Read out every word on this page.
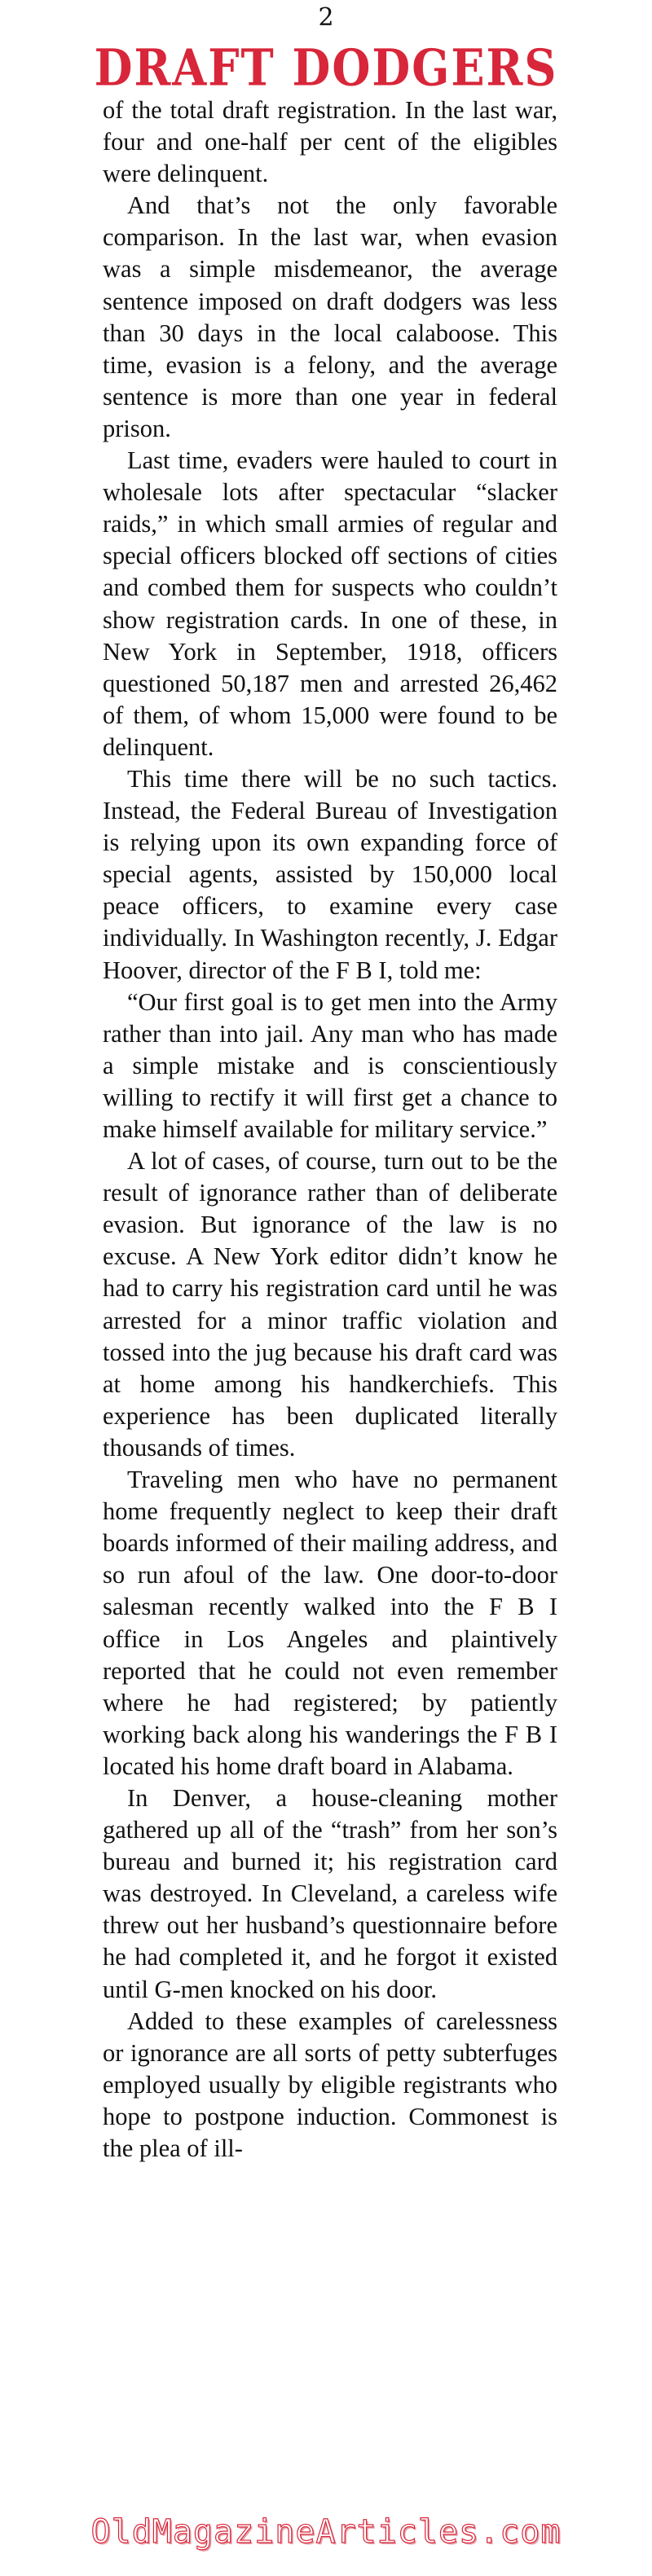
2
DRAFT DODGERS

of the total draft registration. In the last war, four and one-half per cent of the eligibles were delinquent.

And that’s not the only favorable comparison. In the last war, when evasion was a simple misdemeanor, the average sentence imposed on draft dodgers was less than 30 days in the local calaboose. This time, evasion is a felony, and the average sentence is more than one year in federal prison.

Last time, evaders were hauled to court in wholesale lots after spectacular “slacker raids,” in which small armies of regular and special officers blocked off sections of cities and combed them for suspects who couldn’t show registration cards. In one of these, in New York in September, 1918, officers questioned 50,187 men and arrested 26,462 of them, of whom 15,000 were found to be delinquent.

This time there will be no such tactics. Instead, the Federal Bureau of Investigation is relying upon its own expanding force of special agents, assisted by 150,000 local peace officers, to examine every case individually. In Washington recently, J. Edgar Hoover, director of the F B I, told me:

“Our first goal is to get men into the Army rather than into jail. Any man who has made a simple mistake and is conscientiously willing to rectify it will first get a chance to make himself available for military service.”

A lot of cases, of course, turn out to be the result of ignorance rather than of deliberate evasion. But ignorance of the law is no excuse. A New York editor didn’t know he had to carry his registration card until he was arrested for a minor traffic violation and tossed into the jug because his draft card was at home among his handkerchiefs. This experience has been duplicated literally thousands of times.

Traveling men who have no permanent home frequently neglect to keep their draft boards informed of their mailing address, and so run afoul of the law. One door-to-door salesman recently walked into the F B I office in Los Angeles and plaintively reported that he could not even remember where he had registered; by patiently working back along his wanderings the F B I located his home draft board in Alabama.

In Denver, a house-cleaning mother gathered up all of the “trash” from her son’s bureau and burned it; his registration card was destroyed. In Cleveland, a careless wife threw out her husband’s questionnaire before he had completed it, and he forgot it existed until G-men knocked on his door.

Added to these examples of carelessness or ignorance are all sorts of petty subterfuges employed usually by eligible registrants who hope to postpone induction. Commonest is the plea of ill-

OldMagazineArticles.com
